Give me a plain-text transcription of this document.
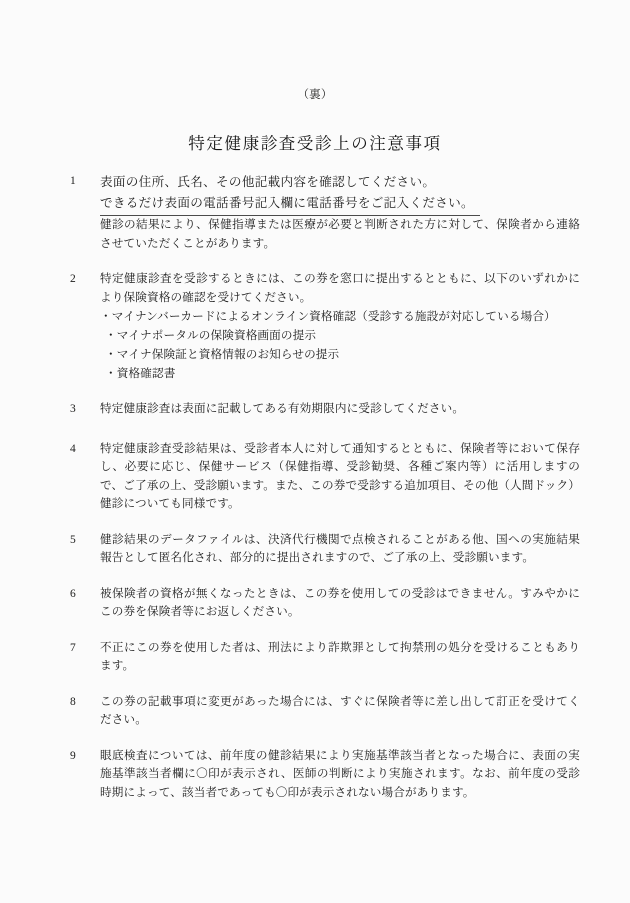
（裏）
特定健康診査受診上の注意事項
1	表面の住所、氏名、その他記載内容を確認してください。
できるだけ表面の電話番号記入欄に電話番号をご記入ください。

健診の結果により、保健指導または医療が必要と判断された方に対して、保険者から連絡させていただくことがあります。

2	特定健康診査を受診するときには、この券を窓口に提出するとともに、以下のいずれかにより保険資格の確認を受けてください。

・マイナンバーカードによるオンライン資格確認（受診する施設が対応している場合）
・マイナポータルの保険資格画面の提示
・マイナ保険証と資格情報のお知らせの提示
・資格確認書
3	特定健康診査は表面に記載してある有効期限内に受診してください。

4	特定健康診査受診結果は、受診者本人に対して通知するとともに、保険者等において保存し、必要に応じ、保健サービス（保健指導、受診勧奨、各種ご案内等）に活用しますので、ご了承の上、受診願います。また、この券で受診する追加項目、その他（人間ドック）健診についても同様です。

5	健診結果のデータファイルは、決済代行機関で点検されることがある他、国への実施結果報告として匿名化され、部分的に提出されますので、ご了承の上、受診願います。

6	被保険者の資格が無くなったときは、この券を使用しての受診はできません。すみやかにこの券を保険者等にお返しください。

7	不正にこの券を使用した者は、刑法により詐欺罪として拘禁刑の処分を受けることもあります。

8	この券の記載事項に変更があった場合には、すぐに保険者等に差し出して訂正を受けてください。

9	眼底検査については、前年度の健診結果により実施基準該当者となった場合に、表面の実施基準該当者欄に〇印が表示され、医師の判断により実施されます。なお、前年度の受診時期によって、該当者であっても〇印が表示されない場合があります。
